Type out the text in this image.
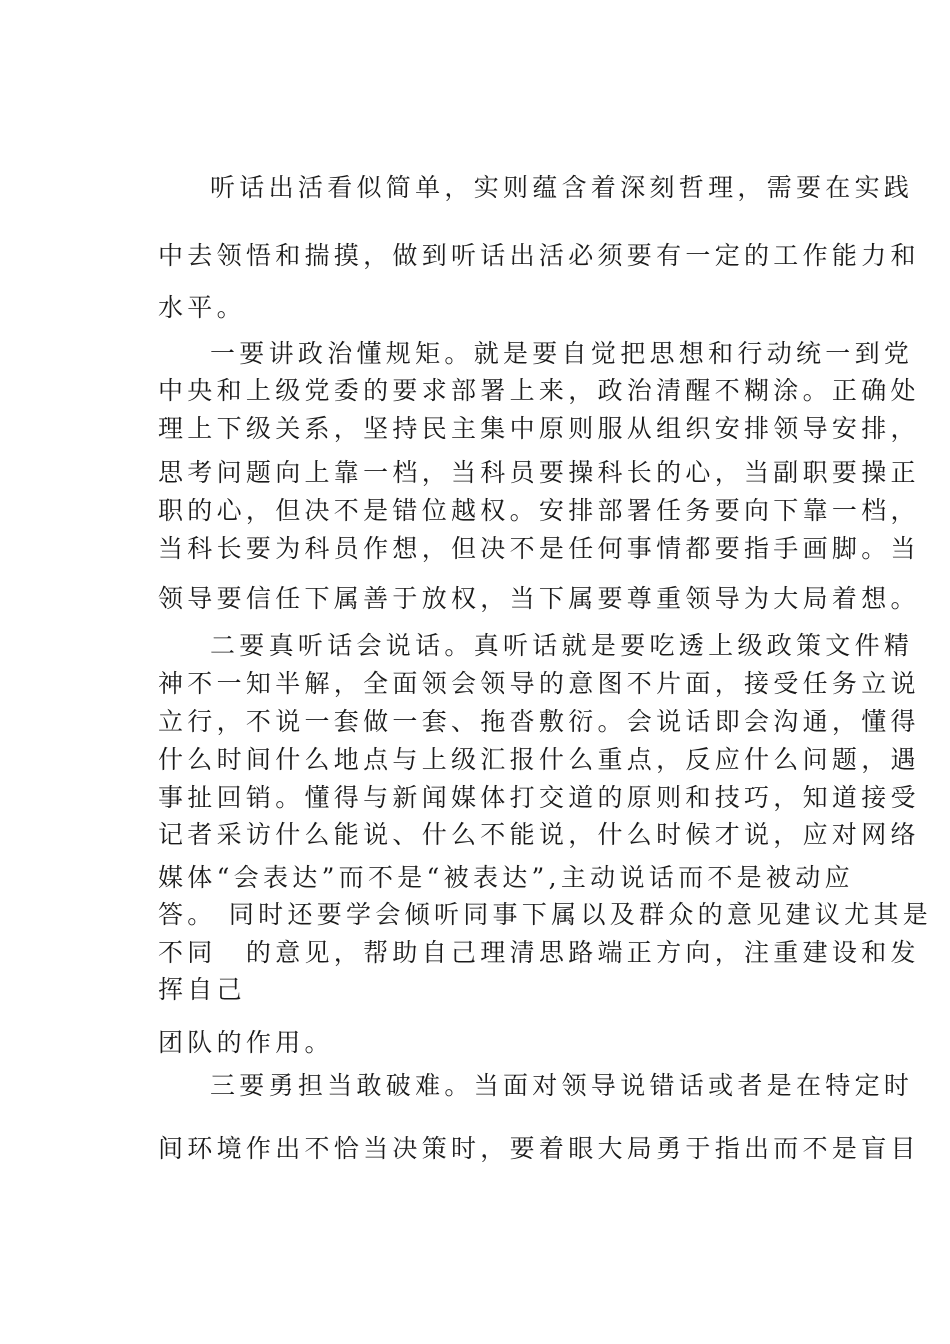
听话出活看似简单，实则蕴含着深刻哲理，需要在实践

中去领悟和揣摸，做到听话出活必须要有一定的工作能力和

水平。

一要讲政治懂规矩。就是要自觉把思想和行动统一到党

中央和上级党委的要求部署上来，政治清醒不糊涂。正确处

理上下级关系，坚持民主集中原则服从组织安排领导安排，

思考问题向上靠一档，当科员要操科长的心，当副职要操正

职的心，但决不是错位越权。安排部署任务要向下靠一档，

当科长要为科员作想，但决不是任何事情都要指手画脚。当

领导要信任下属善于放权，当下属要尊重领导为大局着想。

二要真听话会说话。真听话就是要吃透上级政策文件精

神不一知半解，全面领会领导的意图不片面，接受任务立说

立行，不说一套做一套、拖沓敷衍。会说话即会沟通，懂得

什么时间什么地点与上级汇报什么重点，反应什么问题，遇

事扯回销。懂得与新闻媒体打交道的原则和技巧，知道接受

记者采访什么能说、什么不能说，什么时候才说，应对网络

媒体“会表达”而不是“被表达”,主动说话而不是被动应

答。 同时还要学会倾听同事下属以及群众的意见建议尤其是

不同　的意见，帮助自己理清思路端正方向，注重建设和发

挥自己

团队的作用。

三要勇担当敢破难。当面对领导说错话或者是在特定时

间环境作出不恰当决策时，要着眼大局勇于指出而不是盲目
